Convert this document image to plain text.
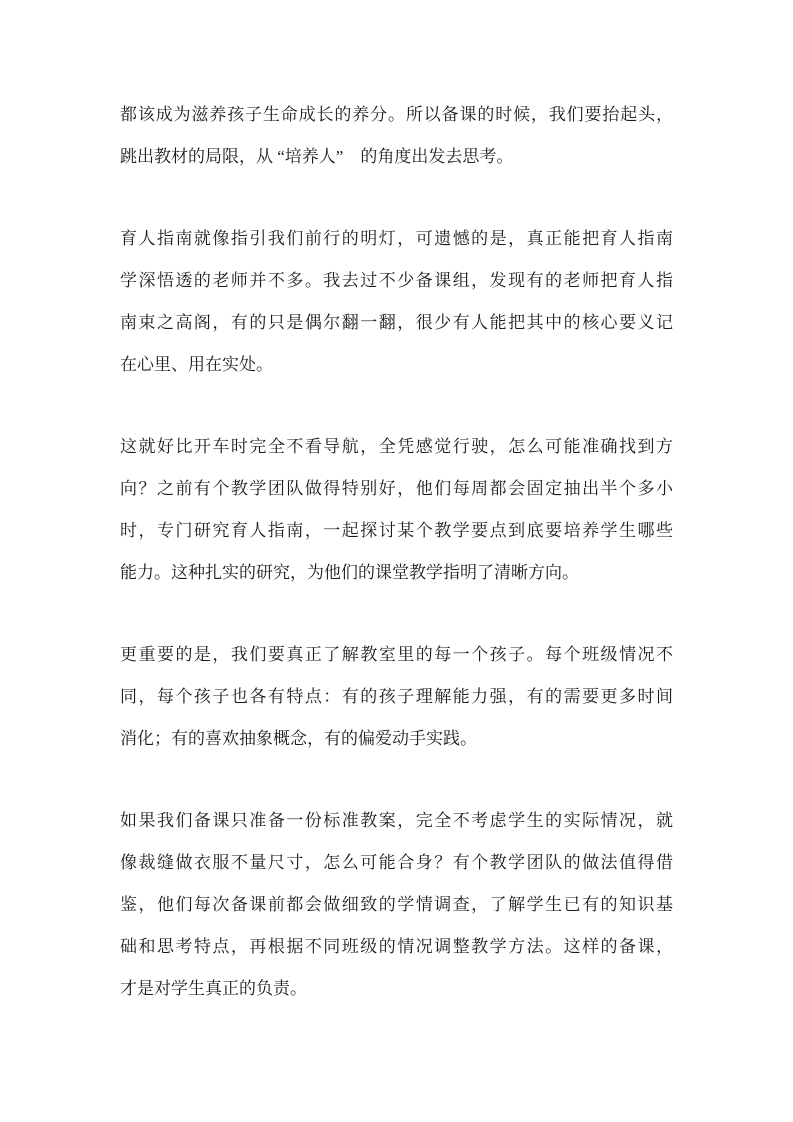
都该成为滋养孩子生命成长的养分。所以备课的时候，我们要抬起头，
跳出教材的局限，从 “培养人”　的角度出发去思考。
育人指南就像指引我们前行的明灯，可遗憾的是，真正能把育人指南
学深悟透的老师并不多。我去过不少备课组，发现有的老师把育人指
南束之高阁，有的只是偶尔翻一翻，很少有人能把其中的核心要义记
在心里、用在实处。
这就好比开车时完全不看导航，全凭感觉行驶，怎么可能准确找到方
向？之前有个教学团队做得特别好，他们每周都会固定抽出半个多小
时，专门研究育人指南，一起探讨某个教学要点到底要培养学生哪些
能力。这种扎实的研究，为他们的课堂教学指明了清晰方向。
更重要的是，我们要真正了解教室里的每一个孩子。每个班级情况不
同，每个孩子也各有特点：有的孩子理解能力强，有的需要更多时间
消化；有的喜欢抽象概念，有的偏爱动手实践。
如果我们备课只准备一份标准教案，完全不考虑学生的实际情况，就
像裁缝做衣服不量尺寸，怎么可能合身？有个教学团队的做法值得借
鉴，他们每次备课前都会做细致的学情调查，了解学生已有的知识基
础和思考特点，再根据不同班级的情况调整教学方法。这样的备课，
才是对学生真正的负责。
